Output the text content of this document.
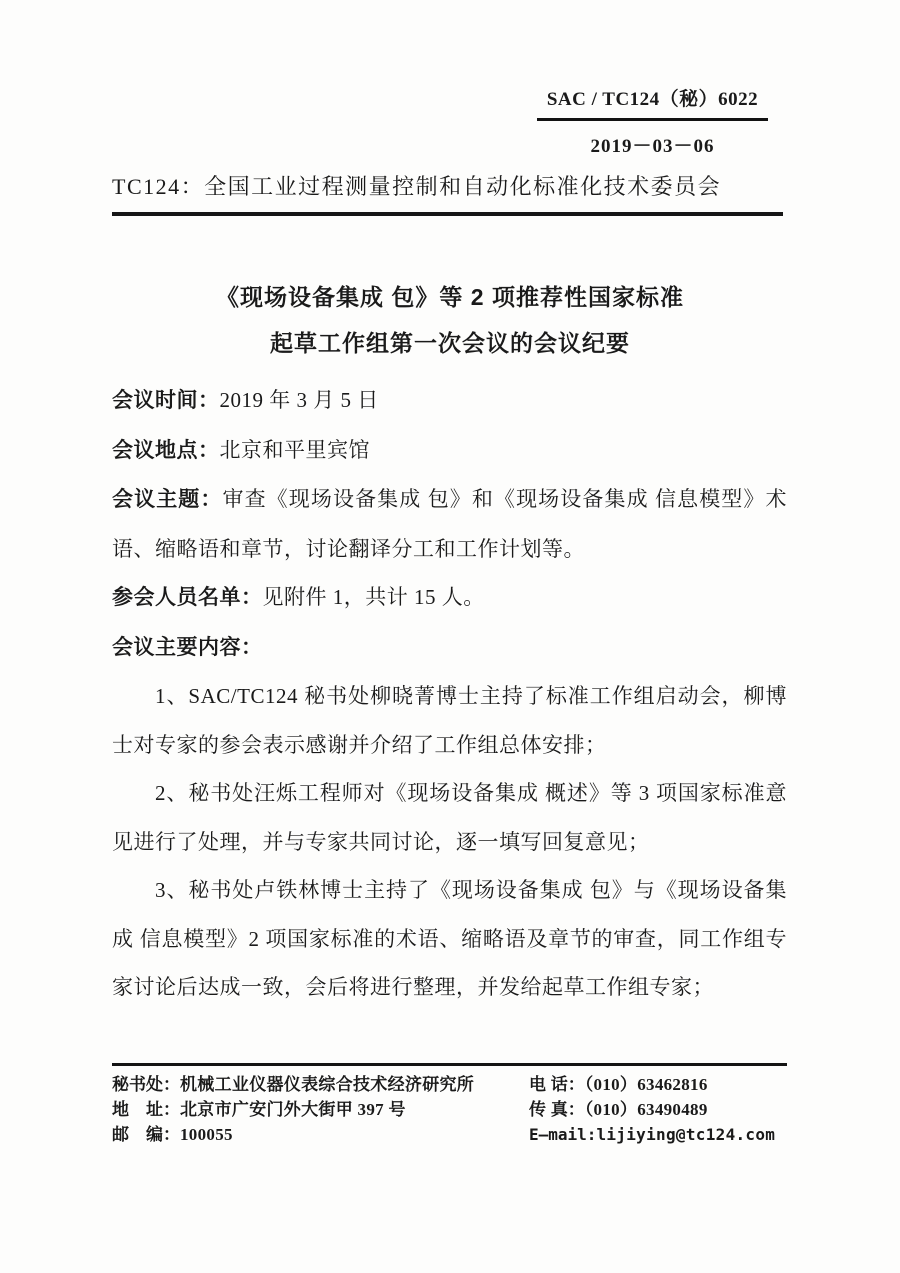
SAC / TC124（秘）6022
2019－03－06
TC124：全国工业过程测量控制和自动化标准化技术委员会
《现场设备集成 包》等 2 项推荐性国家标准
起草工作组第一次会议的会议纪要

会议时间：2019 年 3 月 5 日

会议地点：北京和平里宾馆

会议主题：审查《现场设备集成 包》和《现场设备集成 信息模型》术语、缩略语和章节，讨论翻译分工和工作计划等。

参会人员名单：见附件 1，共计 15 人。

会议主要内容：

1、SAC/TC124 秘书处柳晓菁博士主持了标准工作组启动会，柳博士对专家的参会表示感谢并介绍了工作组总体安排；

2、秘书处汪烁工程师对《现场设备集成 概述》等 3 项国家标准意见进行了处理，并与专家共同讨论，逐一填写回复意见；

3、秘书处卢铁林博士主持了《现场设备集成 包》与《现场设备集成 信息模型》2 项国家标准的术语、缩略语及章节的审查，同工作组专家讨论后达成一致，会后将进行整理，并发给起草工作组专家；

秘书处：机械工业仪器仪表综合技术经济研究所
地　址：北京市广安门外大街甲 397 号
邮　编：100055
电 话：（010）63462816
传 真：（010）63490489
E—mail:lijiying@tc124.com
